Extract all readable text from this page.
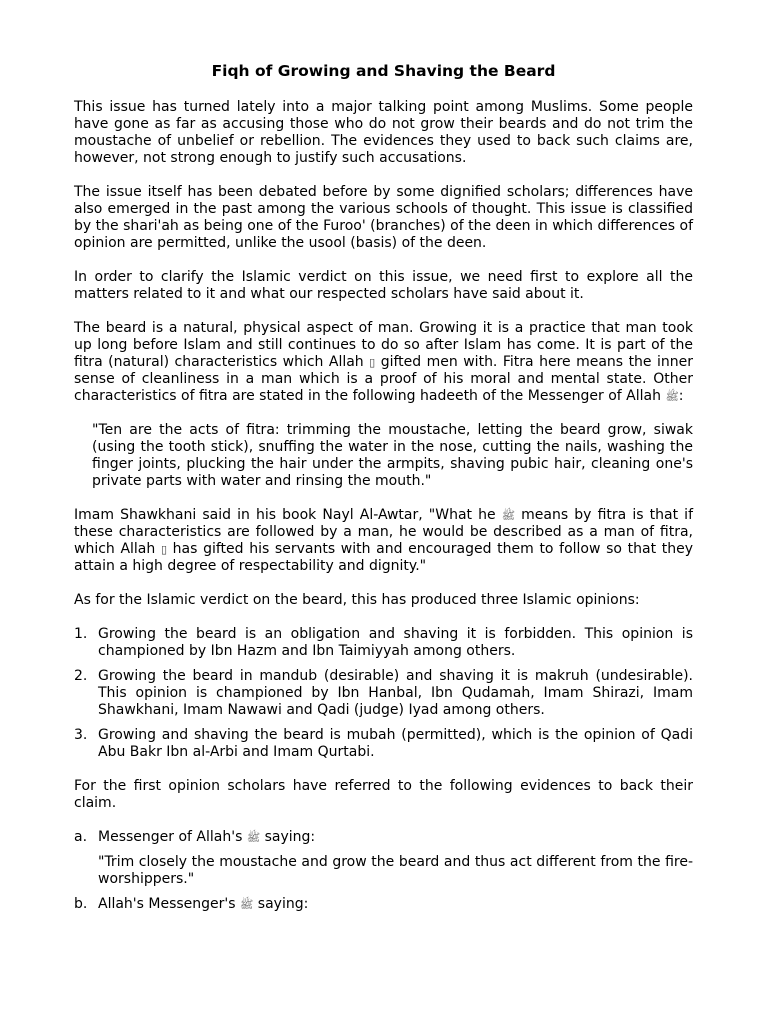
Fiqh of Growing and Shaving the Beard

This issue has turned lately into a major talking point among Muslims. Some people have gone as far as accusing those who do not grow their beards and do not trim the moustache of unbelief or rebellion. The evidences they used to back such claims are, however, not strong enough to justify such accusations.

The issue itself has been debated before by some dignified scholars; differences have also emerged in the past among the various schools of thought. This issue is classified by the shari'ah as being one of the Furoo' (branches) of the deen in which differences of opinion are permitted, unlike the usool (basis) of the deen.

In order to clarify the Islamic verdict on this issue, we need first to explore all the matters related to it and what our respected scholars have said about it.

The beard is a natural, physical aspect of man. Growing it is a practice that man took up long before Islam and still continues to do so after Islam has come. It is part of the fitra (natural) characteristics which Allah ▯ gifted men with. Fitra here means the inner sense of cleanliness in a man which is a proof of his moral and mental state. Other characteristics of fitra are stated in the following hadeeth of the Messenger of Allah ﷺ:

"Ten are the acts of fitra: trimming the moustache, letting the beard grow, siwak (using the tooth stick), snuffing the water in the nose, cutting the nails, washing the finger joints, plucking the hair under the armpits, shaving pubic hair, cleaning one's private parts with water and rinsing the mouth."

Imam Shawkhani said in his book Nayl Al-Awtar, "What he ﷺ means by fitra is that if these characteristics are followed by a man, he would be described as a man of fitra, which Allah ▯ has gifted his servants with and encouraged them to follow so that they attain a high degree of respectability and dignity."

As for the Islamic verdict on the beard, this has produced three Islamic opinions:

1. Growing the beard is an obligation and shaving it is forbidden. This opinion is championed by Ibn Hazm and Ibn Taimiyyah among others.
2. Growing the beard in mandub (desirable) and shaving it is makruh (undesirable). This opinion is championed by Ibn Hanbal, Ibn Qudamah, Imam Shirazi, Imam Shawkhani, Imam Nawawi and Qadi (judge) Iyad among others.
3. Growing and shaving the beard is mubah (permitted), which is the opinion of Qadi Abu Bakr Ibn al-Arbi and Imam Qurtabi.

For the first opinion scholars have referred to the following evidences to back their claim.

a. Messenger of Allah's ﷺ saying:

"Trim closely the moustache and grow the beard and thus act different from the fire-worshippers."

b. Allah's Messenger's ﷺ saying:
